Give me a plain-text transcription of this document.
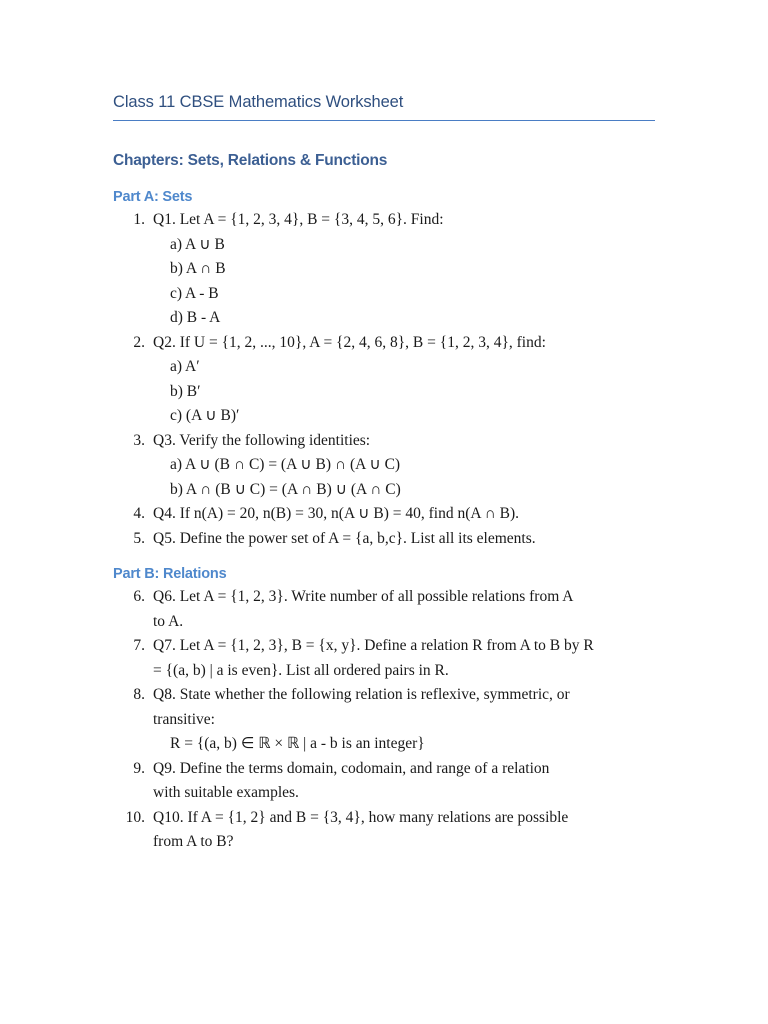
Class 11 CBSE Mathematics Worksheet
Chapters: Sets, Relations & Functions
Part A: Sets
1. Q1. Let A = {1, 2, 3, 4}, B = {3, 4, 5, 6}. Find:
a) A ∪ B
b) A ∩ B
c) A - B
d) B - A
2. Q2. If U = {1, 2, ..., 10}, A = {2, 4, 6, 8}, B = {1, 2, 3, 4}, find:
a) A′
b) B′
c) (A ∪ B)′
3. Q3. Verify the following identities:
a) A ∪ (B ∩ C) = (A ∪ B) ∩ (A ∪ C)
b) A ∩ (B ∪ C) = (A ∩ B) ∪ (A ∩ C)
4. Q4. If n(A) = 20, n(B) = 30, n(A ∪ B) = 40, find n(A ∩ B).
5. Q5. Define the power set of A = {a, b,c}. List all its elements.
Part B: Relations
6. Q6. Let A = {1, 2, 3}. Write number of all possible relations from A
to A.
7. Q7. Let A = {1, 2, 3}, B = {x, y}. Define a relation R from A to B by R
= {(a, b) | a is even}. List all ordered pairs in R.
8. Q8. State whether the following relation is reflexive, symmetric, or
transitive:
R = {(a, b) ∈ ℝ × ℝ | a - b is an integer}
9. Q9. Define the terms domain, codomain, and range of a relation
with suitable examples.
10. Q10. If A = {1, 2} and B = {3, 4}, how many relations are possible
from A to B?
